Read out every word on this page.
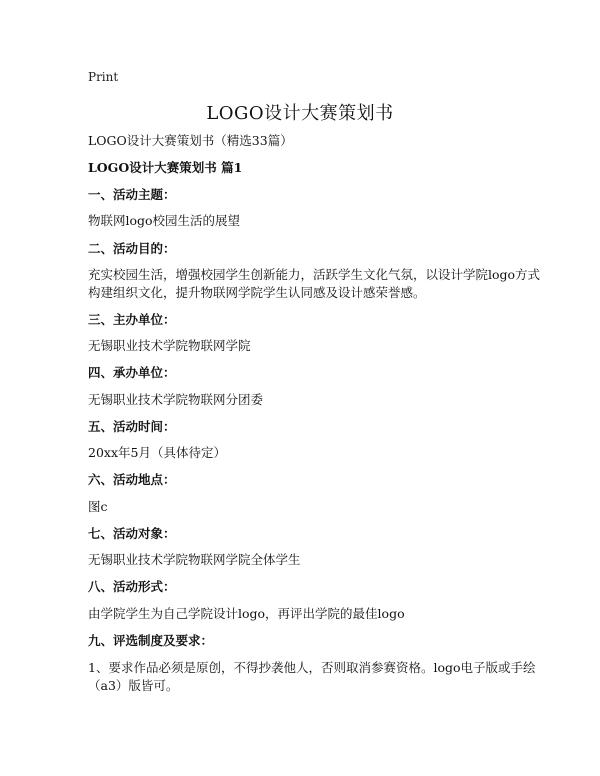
Print
LOGO设计大赛策划书
LOGO设计大赛策划书（精选33篇）
LOGO设计大赛策划书 篇1
一、活动主题：
物联网logo校园生活的展望
二、活动目的：
充实校园生活，增强校园学生创新能力，活跃学生文化气氛，以设计学院logo方式
构建组织文化，提升物联网学院学生认同感及设计感荣誉感。
三、主办单位：
无锡职业技术学院物联网学院
四、承办单位：
无锡职业技术学院物联网分团委
五、活动时间：
20xx年5月（具体待定）
六、活动地点：
图c
七、活动对象：
无锡职业技术学院物联网学院全体学生
八、活动形式：
由学院学生为自己学院设计logo，再评出学院的最佳logo
九、评选制度及要求：
1、要求作品必须是原创，不得抄袭他人，否则取消参赛资格。logo电子版或手绘
（a3）版皆可。
